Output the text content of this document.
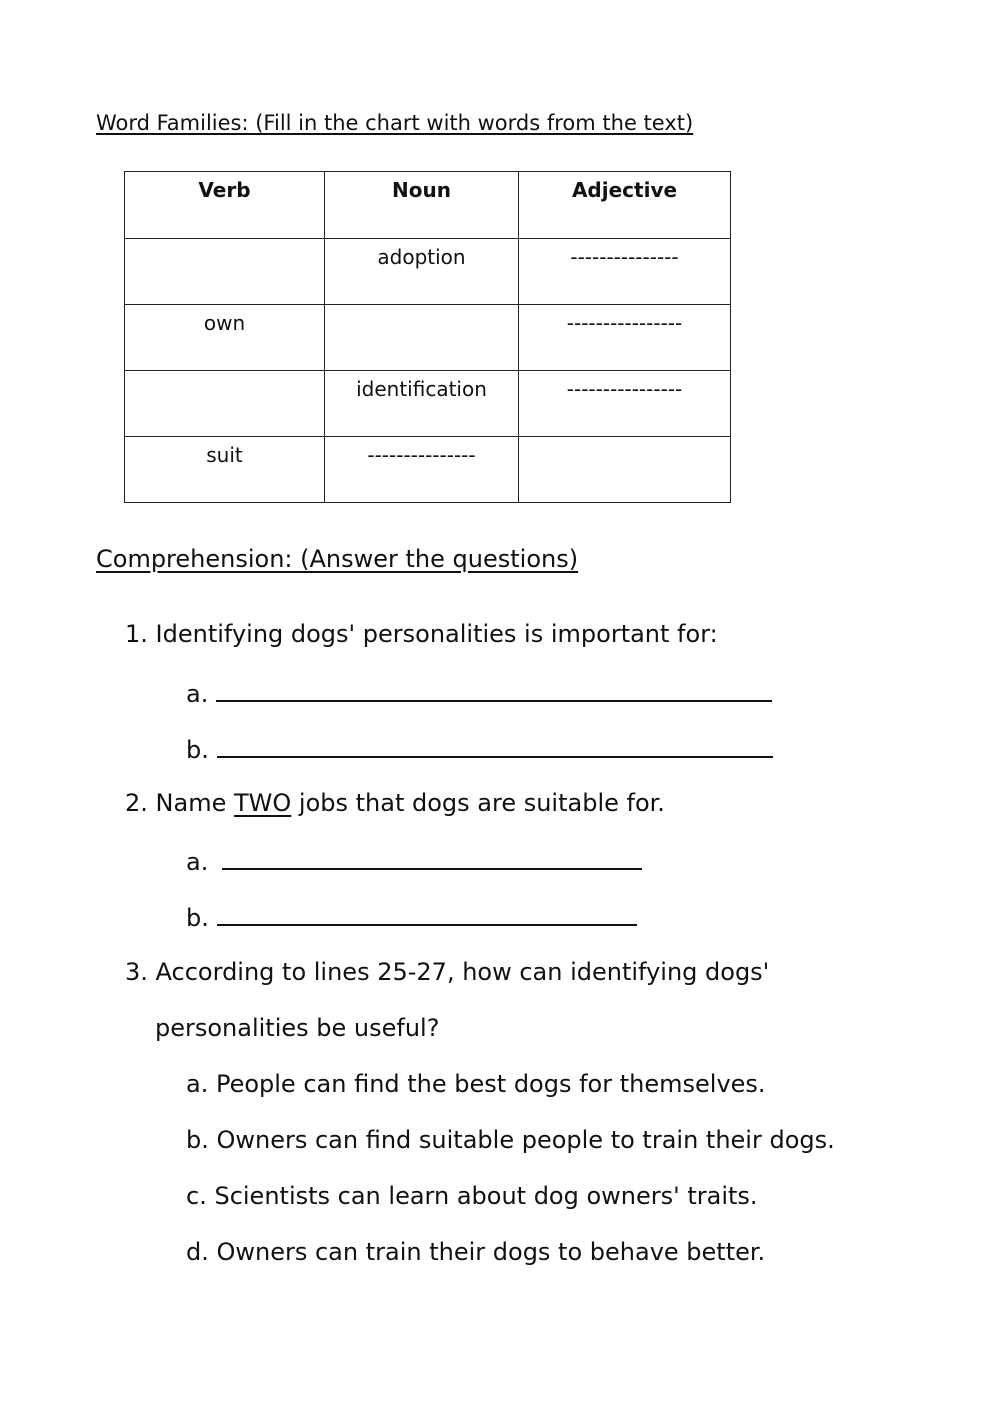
Word Families: (Fill in the chart with words from the text)
Verb	Noun	Adjective
	adoption	---------------
own		----------------
	identification	----------------
suit	---------------	
Comprehension: (Answer the questions)
1. Identifying dogs' personalities is important for:
a.
b.
2. Name TWO jobs that dogs are suitable for.
a.
b.
3. According to lines 25-27, how can identifying dogs'
personalities be useful?
a. People can find the best dogs for themselves.
b. Owners can find suitable people to train their dogs.
c. Scientists can learn about dog owners' traits.
d. Owners can train their dogs to behave better.
